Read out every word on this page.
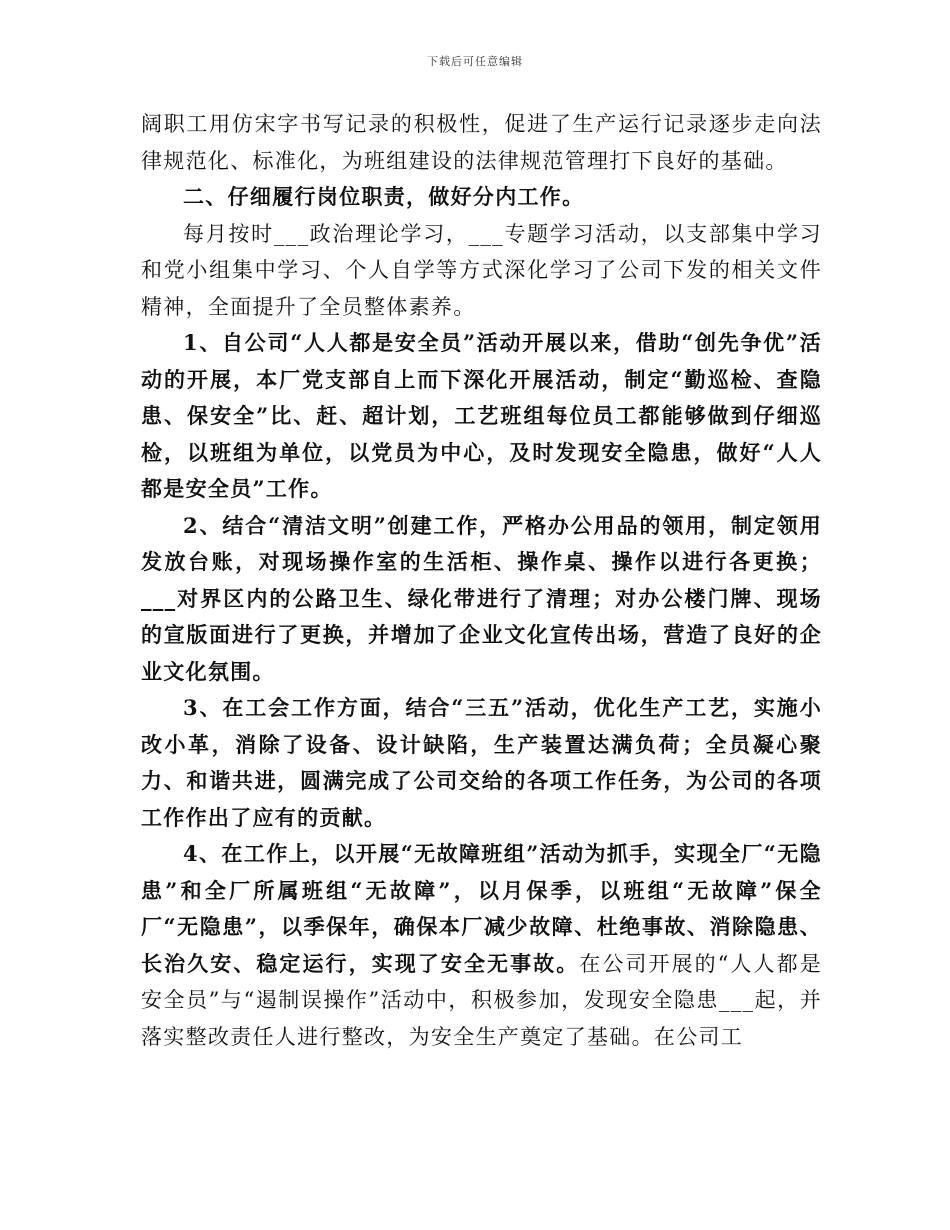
下载后可任意编辑

阔职工用仿宋字书写记录的积极性，促进了生产运行记录逐步走向法律规范化、标准化，为班组建设的法律规范管理打下良好的基础。

二、仔细履行岗位职责，做好分内工作。

每月按时___政治理论学习，___专题学习活动，以支部集中学习和党小组集中学习、个人自学等方式深化学习了公司下发的相关文件精神，全面提升了全员整体素养。

1、自公司“人人都是安全员”活动开展以来，借助“创先争优”活动的开展，本厂党支部自上而下深化开展活动，制定“勤巡检、查隐患、保安全”比、赶、超计划，工艺班组每位员工都能够做到仔细巡检，以班组为单位，以党员为中心，及时发现安全隐患，做好“人人都是安全员”工作。

2、结合“清洁文明”创建工作，严格办公用品的领用，制定领用发放台账，对现场操作室的生活柜、操作桌、操作以进行各更换；___对界区内的公路卫生、绿化带进行了清理；对办公楼门牌、现场的宣版面进行了更换，并增加了企业文化宣传出场，营造了良好的企业文化氛围。

3、在工会工作方面，结合“三五”活动，优化生产工艺，实施小改小革，消除了设备、设计缺陷，生产装置达满负荷；全员凝心聚力、和谐共进，圆满完成了公司交给的各项工作任务，为公司的各项工作作出了应有的贡献。

4、在工作上，以开展“无故障班组”活动为抓手，实现全厂“无隐患”和全厂所属班组“无故障”，以月保季，以班组“无故障”保全厂“无隐患”，以季保年，确保本厂减少故障、杜绝事故、消除隐患、长治久安、稳定运行，实现了安全无事故。在公司开展的“人人都是安全员”与“遏制误操作”活动中，积极参加，发现安全隐患___起，并落实整改责任人进行整改，为安全生产奠定了基础。在公司工
